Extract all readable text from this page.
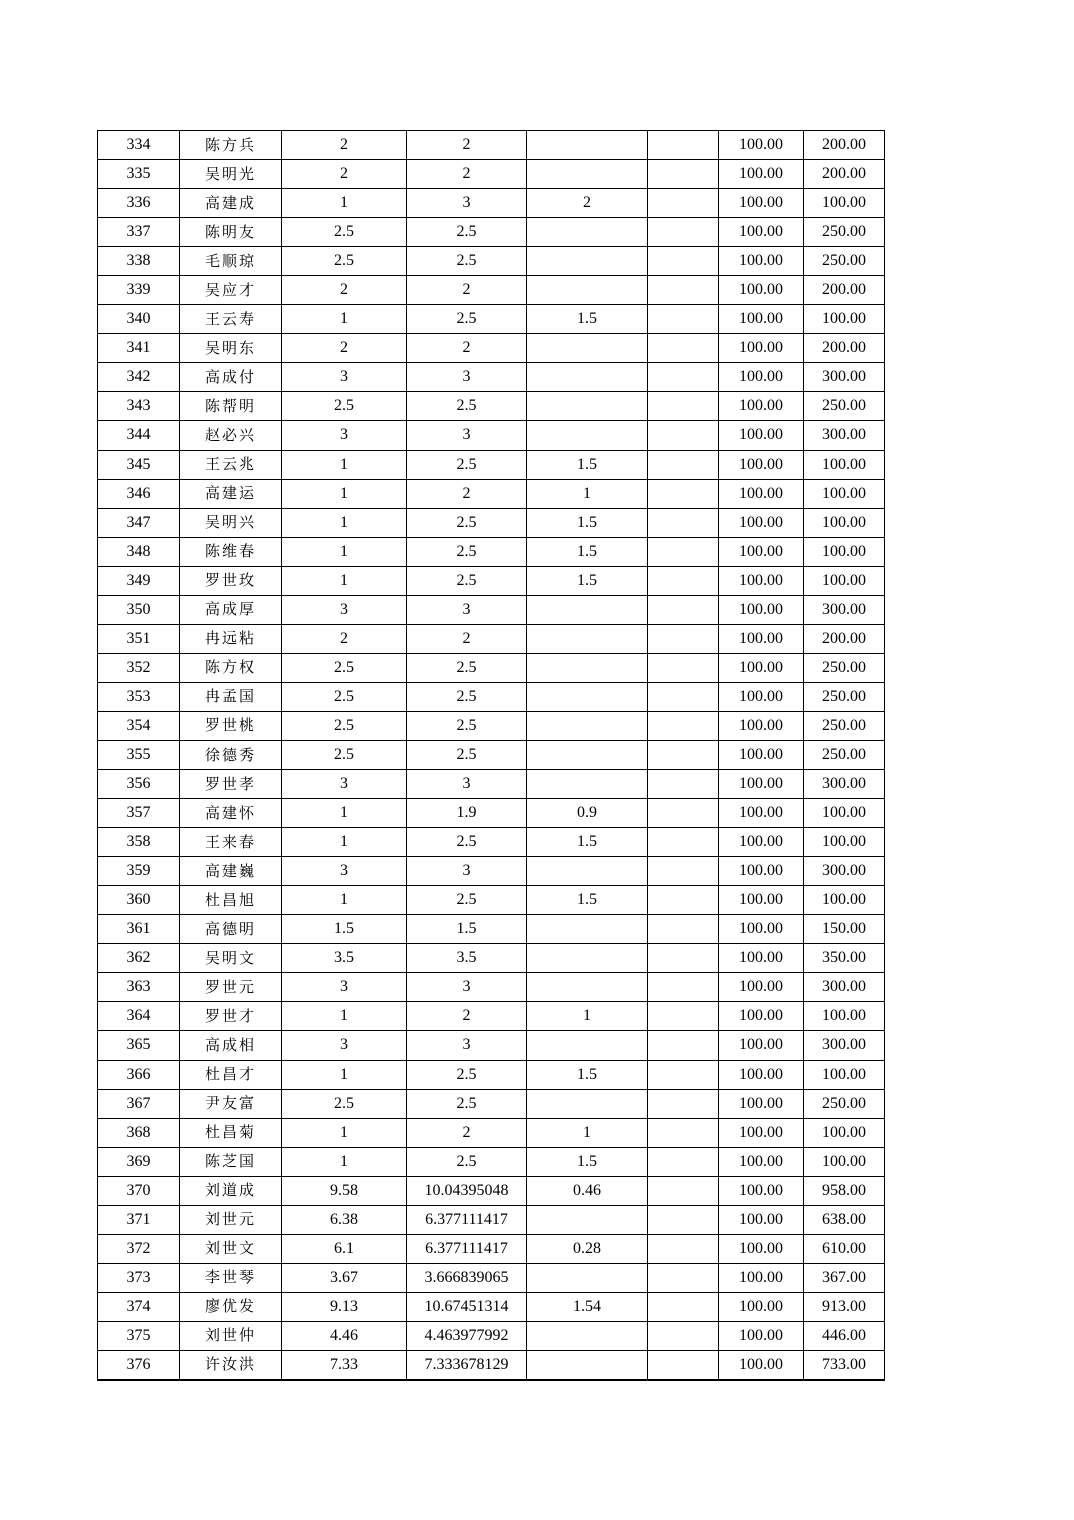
334	陈方兵	2	2			100.00	200.00
335	吴明光	2	2			100.00	200.00
336	高建成	1	3	2		100.00	100.00
337	陈明友	2.5	2.5			100.00	250.00
338	毛顺琼	2.5	2.5			100.00	250.00
339	吴应才	2	2			100.00	200.00
340	王云寿	1	2.5	1.5		100.00	100.00
341	吴明东	2	2			100.00	200.00
342	高成付	3	3			100.00	300.00
343	陈帮明	2.5	2.5			100.00	250.00
344	赵必兴	3	3			100.00	300.00
345	王云兆	1	2.5	1.5		100.00	100.00
346	高建运	1	2	1		100.00	100.00
347	吴明兴	1	2.5	1.5		100.00	100.00
348	陈维春	1	2.5	1.5		100.00	100.00
349	罗世玫	1	2.5	1.5		100.00	100.00
350	高成厚	3	3			100.00	300.00
351	冉远粘	2	2			100.00	200.00
352	陈方权	2.5	2.5			100.00	250.00
353	冉孟国	2.5	2.5			100.00	250.00
354	罗世桃	2.5	2.5			100.00	250.00
355	徐德秀	2.5	2.5			100.00	250.00
356	罗世孝	3	3			100.00	300.00
357	高建怀	1	1.9	0.9		100.00	100.00
358	王来春	1	2.5	1.5		100.00	100.00
359	高建巍	3	3			100.00	300.00
360	杜昌旭	1	2.5	1.5		100.00	100.00
361	高德明	1.5	1.5			100.00	150.00
362	吴明文	3.5	3.5			100.00	350.00
363	罗世元	3	3			100.00	300.00
364	罗世才	1	2	1		100.00	100.00
365	高成相	3	3			100.00	300.00
366	杜昌才	1	2.5	1.5		100.00	100.00
367	尹友富	2.5	2.5			100.00	250.00
368	杜昌菊	1	2	1		100.00	100.00
369	陈芝国	1	2.5	1.5		100.00	100.00
370	刘道成	9.58	10.04395048	0.46		100.00	958.00
371	刘世元	6.38	6.377111417			100.00	638.00
372	刘世文	6.1	6.377111417	0.28		100.00	610.00
373	李世琴	3.67	3.666839065			100.00	367.00
374	廖优发	9.13	10.67451314	1.54		100.00	913.00
375	刘世仲	4.46	4.463977992			100.00	446.00
376	许汝洪	7.33	7.333678129			100.00	733.00
